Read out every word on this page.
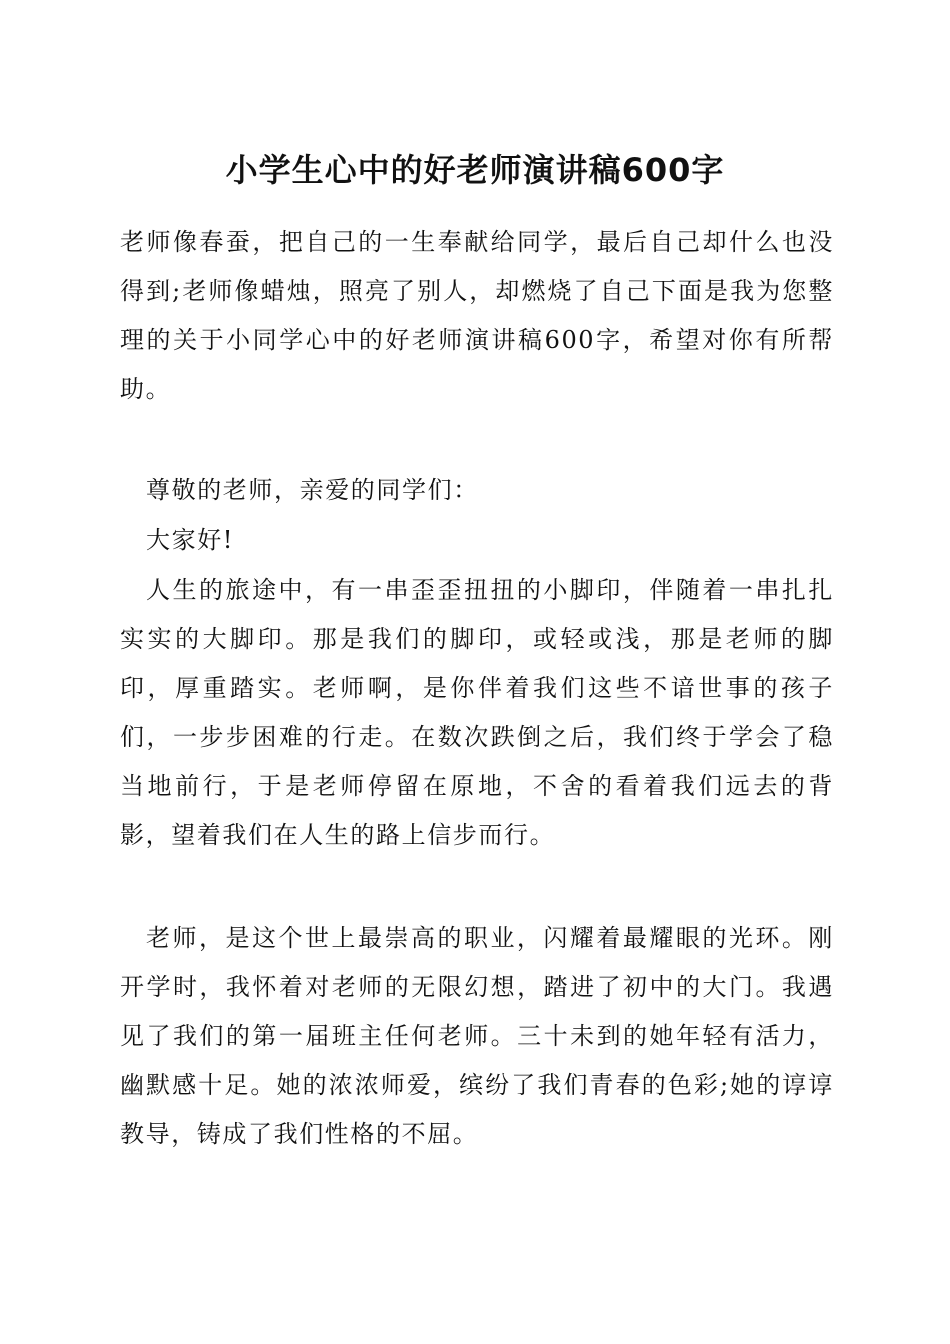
小学生心中的好老师演讲稿600字

老师像春蚕，把自己的一生奉献给同学，最后自己却什么也没得到;老师像蜡烛，照亮了别人，却燃烧了自己下面是我为您整理的关于小同学心中的好老师演讲稿600字，希望对你有所帮助。

尊敬的老师，亲爱的同学们：

大家好!

人生的旅途中，有一串歪歪扭扭的小脚印，伴随着一串扎扎实实的大脚印。那是我们的脚印，或轻或浅，那是老师的脚印，厚重踏实。老师啊，是你伴着我们这些不谙世事的孩子们，一步步困难的行走。在数次跌倒之后，我们终于学会了稳当地前行，于是老师停留在原地，不舍的看着我们远去的背影，望着我们在人生的路上信步而行。

老师，是这个世上最崇高的职业，闪耀着最耀眼的光环。刚开学时，我怀着对老师的无限幻想，踏进了初中的大门。我遇见了我们的第一届班主任何老师。三十未到的她年轻有活力，幽默感十足。她的浓浓师爱，缤纷了我们青春的色彩;她的谆谆教导，铸成了我们性格的不屈。
